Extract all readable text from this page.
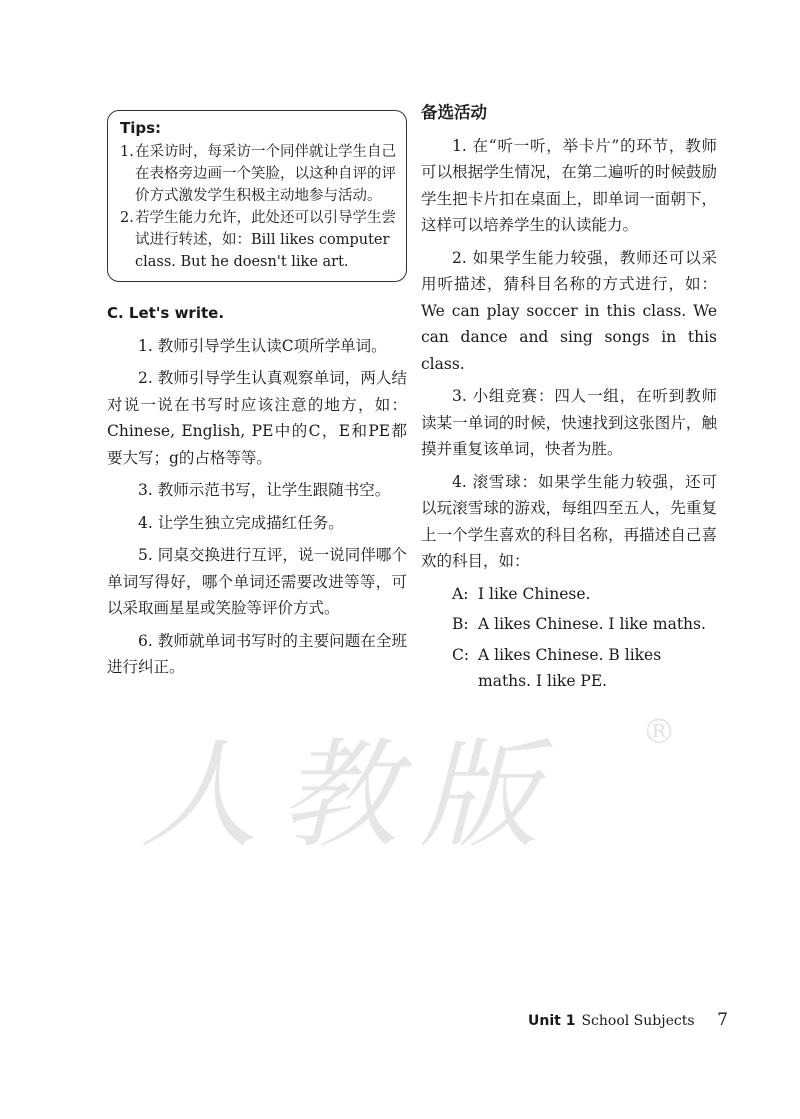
Tips:
1. 在采访时，每采访一个同伴就让学生自己在表格旁边画一个笑脸，以这种自评的评价方式激发学生积极主动地参与活动。
2. 若学生能力允许，此处还可以引导学生尝试进行转述，如：Bill likes computer class. But he doesn't like art.
C. Let's write.

1. 教师引导学生认读C项所学单词。

2. 教师引导学生认真观察单词，两人结对说一说在书写时应该注意的地方，如：Chinese, English, PE中的C，E和PE都要大写；g的占格等等。

3. 教师示范书写，让学生跟随书空。

4. 让学生独立完成描红任务。

5. 同桌交换进行互评，说一说同伴哪个单词写得好，哪个单词还需要改进等等，可以采取画星星或笑脸等评价方式。

6. 教师就单词书写时的主要问题在全班进行纠正。

备选活动

1. 在“听一听，举卡片”的环节，教师可以根据学生情况，在第二遍听的时候鼓励学生把卡片扣在桌面上，即单词一面朝下，这样可以培养学生的认读能力。

2. 如果学生能力较强，教师还可以采用听描述，猜科目名称的方式进行，如：We can play soccer in this class. We can dance and sing songs in this class.

3. 小组竞赛：四人一组，在听到教师读某一单词的时候，快速找到这张图片，触摸并重复该单词，快者为胜。

4. 滚雪球：如果学生能力较强，还可以玩滚雪球的游戏，每组四至五人，先重复上一个学生喜欢的科目名称，再描述自己喜欢的科目，如：

A: I like Chinese.
B: A likes Chinese. I like maths.
C: A likes Chinese. B likes maths. I like PE.
人教版 ®
Unit 1 School Subjects 7
